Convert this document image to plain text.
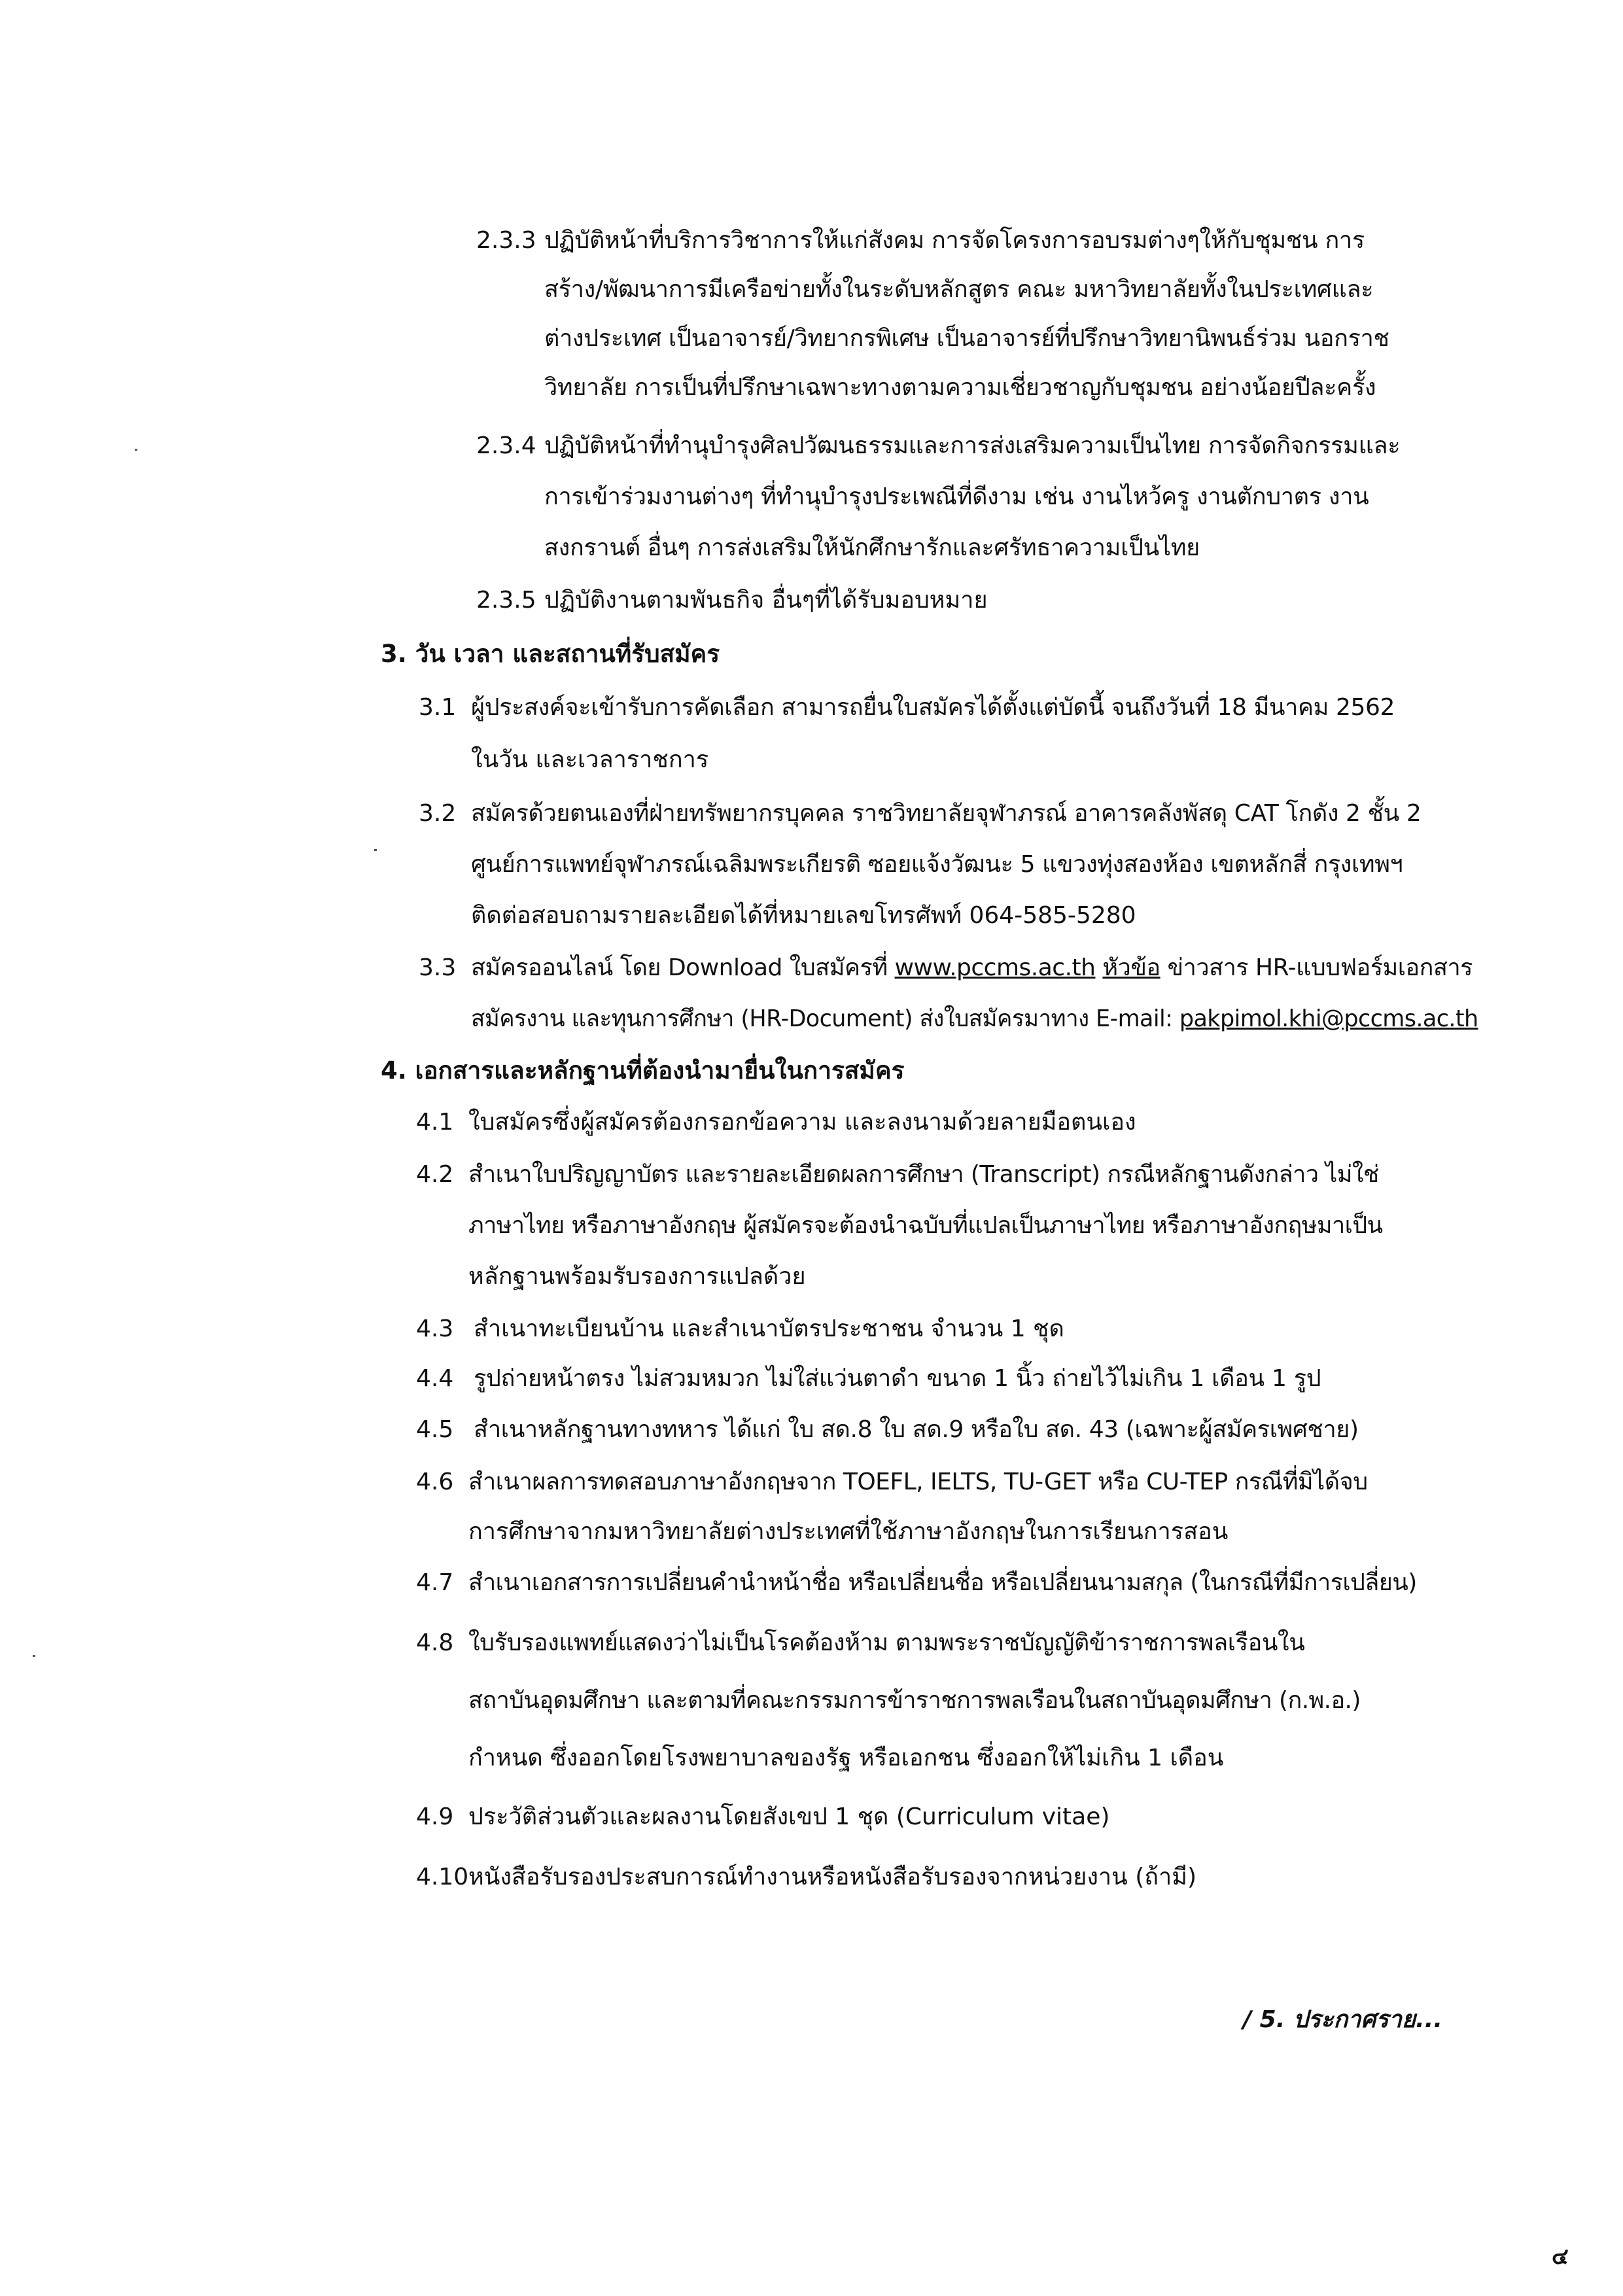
2.3.3 ปฏิบัติหน้าที่บริการวิชาการให้แก่สังคม การจัดโครงการอบรมต่างๆให้กับชุมชน การ
สร้าง/พัฒนาการมีเครือข่ายทั้งในระดับหลักสูตร คณะ มหาวิทยาลัยทั้งในประเทศและ
ต่างประเทศ เป็นอาจารย์/วิทยากรพิเศษ เป็นอาจารย์ที่ปรึกษาวิทยานิพนธ์ร่วม นอกราช
วิทยาลัย การเป็นที่ปรึกษาเฉพาะทางตามความเชี่ยวชาญกับชุมชน อย่างน้อยปีละครั้ง
2.3.4 ปฏิบัติหน้าที่ทำนุบำรุงศิลปวัฒนธรรมและการส่งเสริมความเป็นไทย การจัดกิจกรรมและ
การเข้าร่วมงานต่างๆ ที่ทำนุบำรุงประเพณีที่ดีงาม เช่น งานไหว้ครู งานตักบาตร งาน
สงกรานต์ อื่นๆ การส่งเสริมให้นักศึกษารักและศรัทธาความเป็นไทย
2.3.5 ปฏิบัติงานตามพันธกิจ อื่นๆที่ได้รับมอบหมาย
3. วัน เวลา และสถานที่รับสมัคร
3.1 ผู้ประสงค์จะเข้ารับการคัดเลือก สามารถยื่นใบสมัครได้ตั้งแต่บัดนี้ จนถึงวันที่ 18 มีนาคม 2562
ในวัน และเวลาราชการ
3.2 สมัครด้วยตนเองที่ฝ่ายทรัพยากรบุคคล ราชวิทยาลัยจุฬาภรณ์ อาคารคลังพัสดุ CAT โกดัง 2 ชั้น 2
ศูนย์การแพทย์จุฬาภรณ์เฉลิมพระเกียรติ ซอยแจ้งวัฒนะ 5 แขวงทุ่งสองห้อง เขตหลักสี่ กรุงเทพฯ
ติดต่อสอบถามรายละเอียดได้ที่หมายเลขโทรศัพท์ 064-585-5280
3.3 สมัครออนไลน์ โดย Download ใบสมัครที่ www.pccms.ac.th หัวข้อ ข่าวสาร HR-แบบฟอร์มเอกสาร
สมัครงาน และทุนการศึกษา (HR-Document) ส่งใบสมัครมาทาง E-mail: pakpimol.khi@pccms.ac.th
4. เอกสารและหลักฐานที่ต้องนำมายื่นในการสมัคร
4.1 ใบสมัครซึ่งผู้สมัครต้องกรอกข้อความ และลงนามด้วยลายมือตนเอง
4.2 สำเนาใบปริญญาบัตร และรายละเอียดผลการศึกษา (Transcript) กรณีหลักฐานดังกล่าว ไม่ใช่
ภาษาไทย หรือภาษาอังกฤษ ผู้สมัครจะต้องนำฉบับที่แปลเป็นภาษาไทย หรือภาษาอังกฤษมาเป็น
หลักฐานพร้อมรับรองการแปลด้วย
4.3 สำเนาทะเบียนบ้าน และสำเนาบัตรประชาชน จำนวน 1 ชุด
4.4 รูปถ่ายหน้าตรง ไม่สวมหมวก ไม่ใส่แว่นตาดำ ขนาด 1 นิ้ว ถ่ายไว้ไม่เกิน 1 เดือน 1 รูป
4.5 สำเนาหลักฐานทางทหาร ได้แก่ ใบ สด.8 ใบ สด.9 หรือใบ สด. 43 (เฉพาะผู้สมัครเพศชาย)
4.6 สำเนาผลการทดสอบภาษาอังกฤษจาก TOEFL, IELTS, TU-GET หรือ CU-TEP กรณีที่มิได้จบ
การศึกษาจากมหาวิทยาลัยต่างประเทศที่ใช้ภาษาอังกฤษในการเรียนการสอน
4.7 สำเนาเอกสารการเปลี่ยนคำนำหน้าชื่อ หรือเปลี่ยนชื่อ หรือเปลี่ยนนามสกุล (ในกรณีที่มีการเปลี่ยน)
4.8 ใบรับรองแพทย์แสดงว่าไม่เป็นโรคต้องห้าม ตามพระราชบัญญัติข้าราชการพลเรือนใน
สถาบันอุดมศึกษา และตามที่คณะกรรมการข้าราชการพลเรือนในสถาบันอุดมศึกษา (ก.พ.อ.)
กำหนด ซึ่งออกโดยโรงพยาบาลของรัฐ หรือเอกชน ซึ่งออกให้ไม่เกิน 1 เดือน
4.9 ประวัติส่วนตัวและผลงานโดยสังเขป 1 ชุด (Curriculum vitae)
4.10 หนังสือรับรองประสบการณ์ทำงานหรือหนังสือรับรองจากหน่วยงาน (ถ้ามี)
/ 5. ประกาศราย...
๔
